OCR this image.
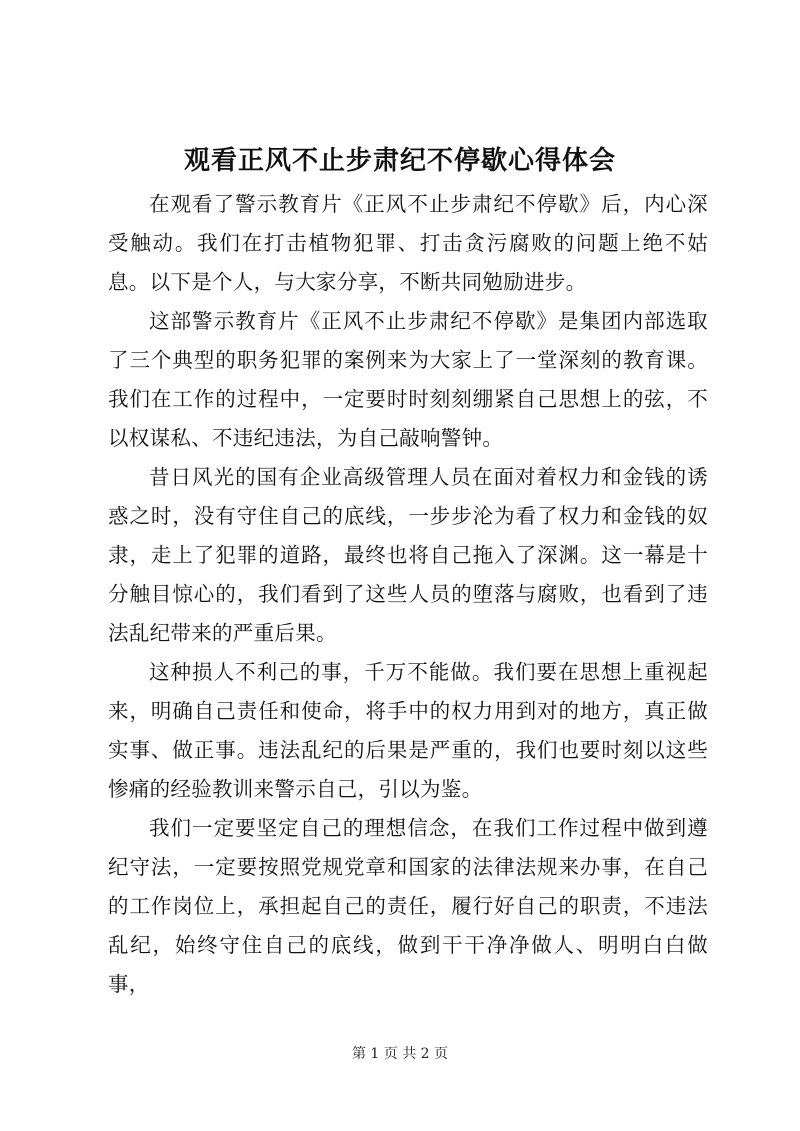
观看正风不止步肃纪不停歇心得体会

在观看了警示教育片《正风不止步肃纪不停歇》后，内心深受触动。我们在打击植物犯罪、打击贪污腐败的问题上绝不姑息。以下是个人，与大家分享，不断共同勉励进步。

这部警示教育片《正风不止步肃纪不停歇》是集团内部选取了三个典型的职务犯罪的案例来为大家上了一堂深刻的教育课。我们在工作的过程中，一定要时时刻刻绷紧自己思想上的弦，不以权谋私、不违纪违法，为自己敲响警钟。

昔日风光的国有企业高级管理人员在面对着权力和金钱的诱惑之时，没有守住自己的底线，一步步沦为看了权力和金钱的奴隶，走上了犯罪的道路，最终也将自己拖入了深渊。这一幕是十分触目惊心的，我们看到了这些人员的堕落与腐败，也看到了违法乱纪带来的严重后果。

这种损人不利己的事，千万不能做。我们要在思想上重视起来，明确自己责任和使命，将手中的权力用到对的地方，真正做实事、做正事。违法乱纪的后果是严重的，我们也要时刻以这些惨痛的经验教训来警示自己，引以为鉴。

我们一定要坚定自己的理想信念，在我们工作过程中做到遵纪守法，一定要按照党规党章和国家的法律法规来办事，在自己的工作岗位上，承担起自己的责任，履行好自己的职责，不违法乱纪，始终守住自己的底线，做到干干净净做人、明明白白做事，

第 1 页 共 2 页
